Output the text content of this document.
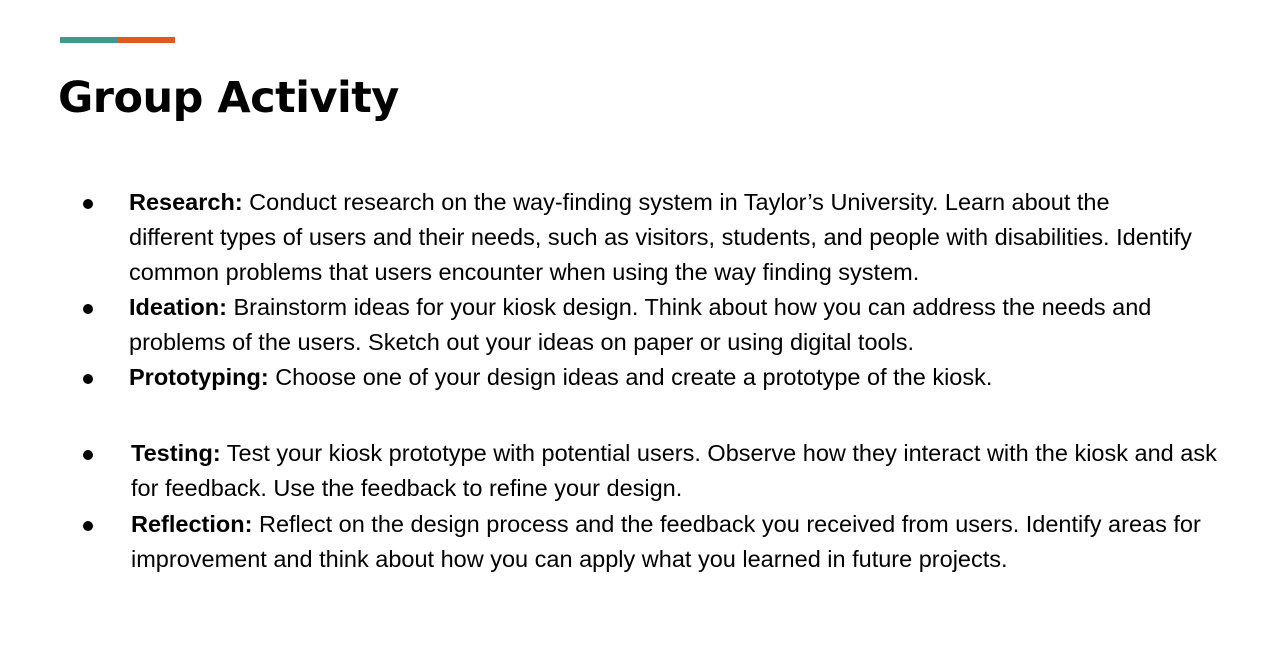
Group Activity
Research: Conduct research on the way-finding system in Taylor’s University. Learn about the different types of users and their needs, such as visitors, students, and people with disabilities. Identify common problems that users encounter when using the way finding system.
Ideation: Brainstorm ideas for your kiosk design. Think about how you can address the needs and problems of the users. Sketch out your ideas on paper or using digital tools.
Prototyping: Choose one of your design ideas and create a prototype of the kiosk.
Testing: Test your kiosk prototype with potential users. Observe how they interact with the kiosk and ask for feedback. Use the feedback to refine your design.
Reflection: Reflect on the design process and the feedback you received from users. Identify areas for improvement and think about how you can apply what you learned in future projects.
